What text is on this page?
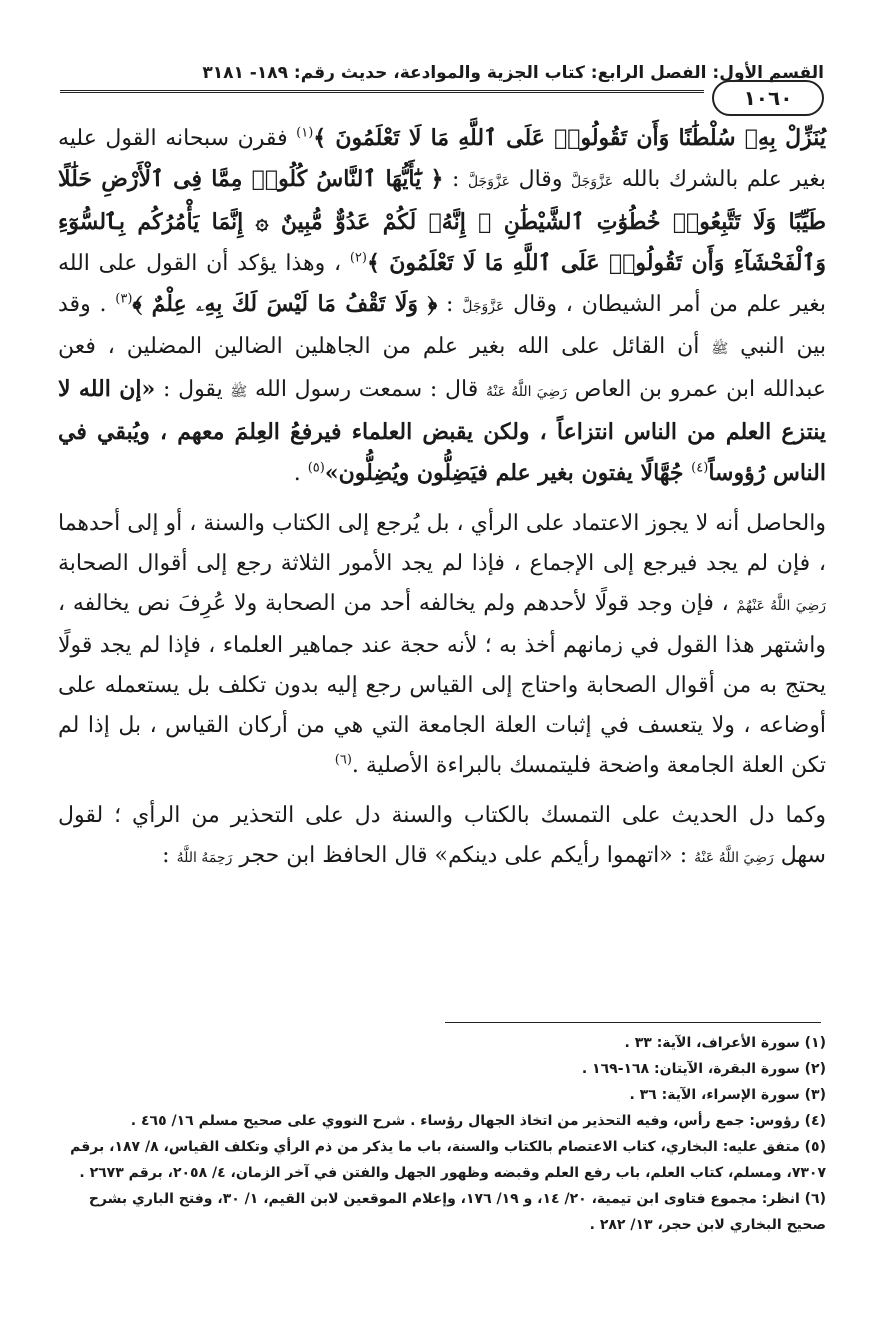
القسم الأول: الفصل الرابع: كتاب الجزية والموادعة، حديث رقم: ١٨٩- ٣١٨١
١٠٦٠

يُنَزِّلْ بِهِۦ سُلْطَٰنًا وَأَن تَقُولُوا۟ عَلَى ٱللَّهِ مَا لَا تَعْلَمُونَ ﴾$^{(١)}$ فقرن سبحانه القول عليه بغير علم بالشرك بالله عَزَّوَجَلَّ وقال عَزَّوَجَلَّ : ﴿ يَٰٓأَيُّهَا ٱلنَّاسُ كُلُوا۟ مِمَّا فِى ٱلْأَرْضِ حَلَٰلًا طَيِّبًا وَلَا تَتَّبِعُوا۟ خُطُوَٰتِ ٱلشَّيْطَٰنِ ۚ إِنَّهُۥ لَكُمْ عَدُوٌّ مُّبِينٌ ۞ إِنَّمَا يَأْمُرُكُم بِٱلسُّوٓءِ وَٱلْفَحْشَآءِ وَأَن تَقُولُوا۟ عَلَى ٱللَّهِ مَا لَا تَعْلَمُونَ ﴾$^{(٢)}$ ، وهذا يؤكد أن القول على الله بغير علم من أمر الشيطان ، وقال عَزَّوَجَلَّ : ﴿ وَلَا تَقْفُ مَا لَيْسَ لَكَ بِهِۦ عِلْمٌ ﴾$^{(٣)}$ . وقد بين النبي ﷺ أن القائل على الله بغير علم من الجاهلين الضالين المضلين ، فعن عبدالله ابن عمرو بن العاص رَضِيَ اللَّهُ عَنْهُ قال : سمعت رسول الله ﷺ يقول : «إن الله لا ينتزع العلم من الناس انتزاعاً ، ولكن يقبض العلماء فيرفعُ العِلمَ معهم ، ويُبقي في الناس رُؤوساً$^{(٤)}$ جُهَّالًا يفتون بغير علم فيَضِلُّون ويُضِلُّون»$^{(٥)}$ .

والحاصل أنه لا يجوز الاعتماد على الرأي ، بل يُرجع إلى الكتاب والسنة ، أو إلى أحدهما ، فإن لم يجد فيرجع إلى الإجماع ، فإذا لم يجد الأمور الثلاثة رجع إلى أقوال الصحابة رَضِيَ اللَّهُ عَنْهُمْ ، فإن وجد قولًا لأحدهم ولم يخالفه أحد من الصحابة ولا عُرِفَ نص يخالفه ، واشتهر هذا القول في زمانهم أخذ به ؛ لأنه حجة عند جماهير العلماء ، فإذا لم يجد قولًا يحتج به من أقوال الصحابة واحتاج إلى القياس رجع إليه بدون تكلف بل يستعمله على أوضاعه ، ولا يتعسف في إثبات العلة الجامعة التي هي من أركان القياس ، بل إذا لم تكن العلة الجامعة واضحة فليتمسك بالبراءة الأصلية .$^{(٦)}$

وكما دل الحديث على التمسك بالكتاب والسنة دل على التحذير من الرأي ؛ لقول سهل رَضِيَ اللَّهُ عَنْهُ : «اتهموا رأيكم على دينكم» قال الحافظ ابن حجر رَحِمَهُ اللَّهُ :

(١) سورة الأعراف، الآية: ٣٣ .

(٢) سورة البقرة، الآيتان: ١٦٨-١٦٩ .

(٣) سورة الإسراء، الآية: ٣٦ .

(٤) رؤوس: جمع رأس، وفيه التحذير من اتخاذ الجهال رؤساء . شرح النووي على صحيح مسلم ١٦/ ٤٦٥ .

(٥) متفق عليه: البخاري، كتاب الاعتصام بالكتاب والسنة، باب ما يذكر من ذم الرأي وتكلف القياس، ٨/ ١٨٧، برقم ٧٣٠٧، ومسلم، كتاب العلم، باب رفع العلم وقبضه وظهور الجهل والفتن في آخر الزمان، ٤/ ٢٠٥٨، برقم ٢٦٧٣ .

(٦) انظر: مجموع فتاوى ابن تيمية، ٢٠/ ١٤، و ١٩/ ١٧٦، وإعلام الموقعين لابن القيم، ١/ ٣٠، وفتح الباري بشرح صحيح البخاري لابن حجر، ١٣/ ٢٨٢ .
